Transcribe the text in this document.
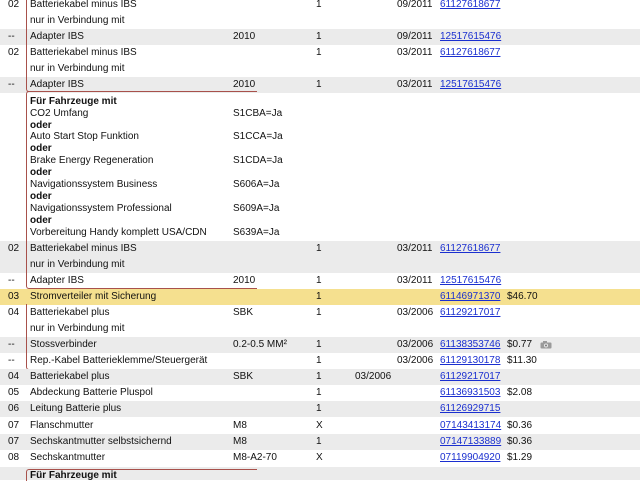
02 Batteriekabel minus IBS	1	09/2011 61127618677
nur in Verbindung mit
-- Adapter IBS	2010	1	09/2011 12517615476
02 Batteriekabel minus IBS	1	03/2011 61127618677
nur in Verbindung mit
-- Adapter IBS	2010	1	03/2011 12517615476
Für Fahrzeuge mit
CO2 Umfang	S1CBA=Ja
oder
Auto Start Stop Funktion	S1CCA=Ja
oder
Brake Energy Regeneration	S1CDA=Ja
oder
Navigationssystem Business	S606A=Ja
oder
Navigationssystem Professional	S609A=Ja
oder
Vorbereitung Handy komplett USA/CDN	S639A=Ja
02 Batteriekabel minus IBS	1	03/2011 61127618677
nur in Verbindung mit
-- Adapter IBS	2010	1	03/2011 12517615476
03 Stromverteiler mit Sicherung	1	61146971370 $46.70
04 Batteriekabel plus	SBK	1	03/2006 61129217017
nur in Verbindung mit
-- Stossverbinder	0.2-0.5 MM²	1	03/2006 61138353746 $0.77
-- Rep.-Kabel Batterieklemme/Steuergerät	1	03/2006 61129130178 $11.30
04 Batteriekabel plus	SBK	1	03/2006	61129217017
05 Abdeckung Batterie Pluspol	1	61136931503 $2.08
06 Leitung Batterie plus	1	61126929715
07 Flanschmutter	M8	X	07143413174 $0.36
07 Sechskantmutter selbstsichernd	M8	1	07147133889 $0.36
08 Sechskantmutter	M8-A2-70	X	07119904920 $1.29
Für Fahrzeuge mit
